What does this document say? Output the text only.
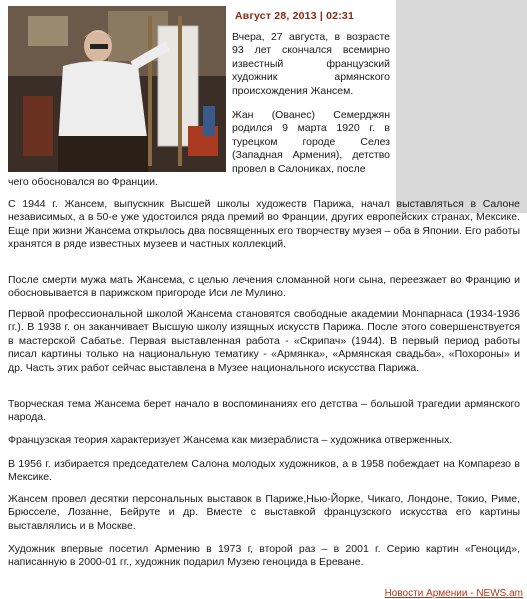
Август 28, 2013 | 02:31

Вчера, 27 августа, в возрасте 93 лет скончался всемирно известный французский художник армянского происхождения Жансем.

Жан (Ованес) Семерджян родился 9 марта 1920 г. в турецком городе Селез (Западная Армения), детство провел в Салониках, после

чего обосновался во Франции.

С 1944 г. Жансем, выпускник Высшей школы художеств Парижа, начал выставляться в Салоне независимых, а в 50-е уже удостоился ряда премий во Франции, других европейских странах, Мексике. Еще при жизни Жансема открылось два посвященных его творчеству музея – оба в Японии. Его работы хранятся в ряде известных музеев и частных коллекций.

После смерти мужа мать Жансема, с целью лечения сломанной ноги сына, переезжает во Францию и обосновывается в парижском пригороде Иси ле Мулино.

Первой профессиональной школой Жансема становятся свободные академии Монпарнаса (1934-1936 гг.). В 1938 г. он заканчивает Высшую школу изящных искусств Парижа. После этого совершенствуется в мастерской Сабатье. Первая выставленная работа - «Скрипач» (1944). В первый период работы писал картины только на национальную тематику - «Армянка», «Армянская свадьба», «Похороны» и др. Часть этих работ сейчас выставлена в Музее национального искусства Парижа.

Творческая тема Жансема берет начало в воспоминаниях его детства – большой трагедии армянского народа.

Французская теория характеризует Жансема как мизераблиста – художника отверженных.

В 1956 г. избирается председателем Салона молодых художников, а в 1958 побеждает на Компарезо в Мексике.

Жансем провел десятки персональных выставок в Париже,Нью-Йорке, Чикаго, Лондоне, Токио, Риме, Брюсселе, Лозанне, Бейруте и др. Вместе с выставкой французского искусства его картины выставлялись и в Москве.

Художник впервые посетил Армению в 1973 г, второй раз – в 2001 г. Серию картин «Геноцид», написанную в 2000-01 гг., художник подарил Музею геноцида в Ереване.

Новости Армении - NEWS.am
